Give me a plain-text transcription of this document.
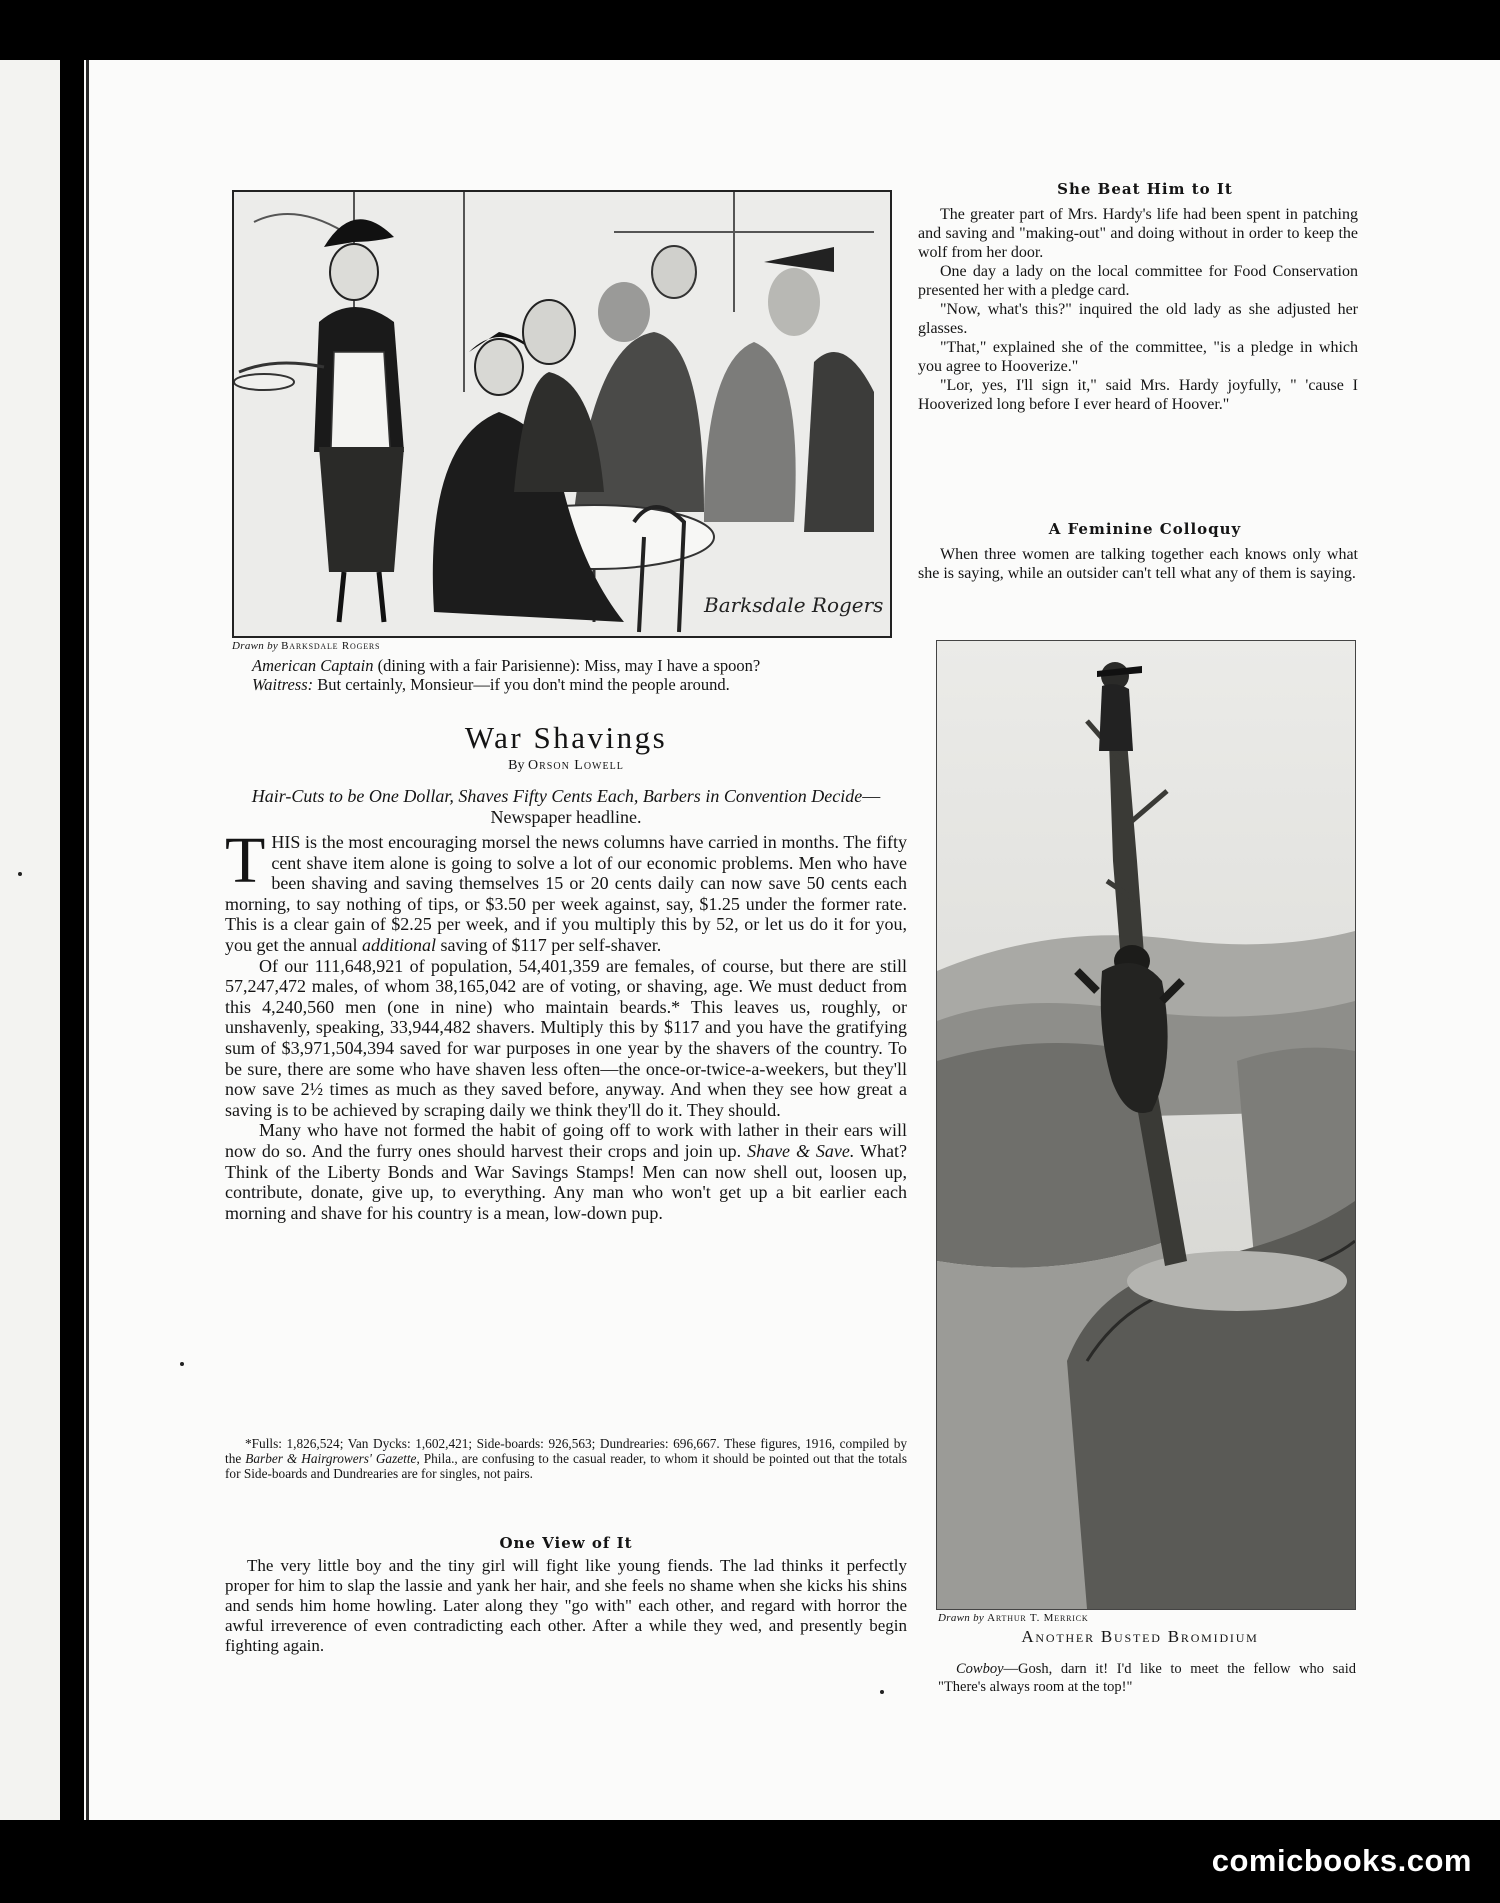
Barksdale Rogers
Drawn by Barksdale Rogers
American Captain (dining with a fair Parisienne): Miss, may I have a spoon?
Waitress: But certainly, Monsieur—if you don't mind the people around.
War Shavings
By Orson Lowell
Hair-Cuts to be One Dollar, Shaves Fifty Cents Each, Barbers in Convention Decide—Newspaper headline.

THIS is the most encouraging morsel the news columns have carried in months. The fifty cent shave item alone is going to solve a lot of our economic problems. Men who have been shaving and saving themselves 15 or 20 cents daily can now save 50 cents each morning, to say nothing of tips, or $3.50 per week against, say, $1.25 under the former rate. This is a clear gain of $2.25 per week, and if you multiply this by 52, or let us do it for you, you get the annual additional saving of $117 per self-shaver.

Of our 111,648,921 of population, 54,401,359 are females, of course, but there are still 57,247,472 males, of whom 38,165,042 are of voting, or shaving, age. We must deduct from this 4,240,560 men (one in nine) who maintain beards.* This leaves us, roughly, or unshavenly, speaking, 33,944,482 shavers. Multiply this by $117 and you have the gratifying sum of $3,971,504,394 saved for war purposes in one year by the shavers of the country. To be sure, there are some who have shaven less often—the once-or-twice-a-weekers, but they'll now save 2½ times as much as they saved before, anyway. And when they see how great a saving is to be achieved by scraping daily we think they'll do it. They should.

Many who have not formed the habit of going off to work with lather in their ears will now do so. And the furry ones should harvest their crops and join up. Shave & Save. What? Think of the Liberty Bonds and War Savings Stamps! Men can now shell out, loosen up, contribute, donate, give up, to everything. Any man who won't get up a bit earlier each morning and shave for his country is a mean, low-down pup.

*Fulls: 1,826,524; Van Dycks: 1,602,421; Side-boards: 926,563; Dundrearies: 696,667. These figures, 1916, compiled by the Barber & Hairgrowers' Gazette, Phila., are confusing to the casual reader, to whom it should be pointed out that the totals for Side-boards and Dundrearies are for singles, not pairs.
One View of It

The very little boy and the tiny girl will fight like young fiends. The lad thinks it perfectly proper for him to slap the lassie and yank her hair, and she feels no shame when she kicks his shins and sends him home howling. Later along they "go with" each other, and regard with horror the awful irreverence of even contradicting each other. After a while they wed, and presently begin fighting again.

She Beat Him to It

The greater part of Mrs. Hardy's life had been spent in patching and saving and "making-out" and doing without in order to keep the wolf from her door.

One day a lady on the local committee for Food Conservation presented her with a pledge card.

"Now, what's this?" inquired the old lady as she adjusted her glasses.

"That," explained she of the committee, "is a pledge in which you agree to Hooverize."

"Lor, yes, I'll sign it," said Mrs. Hardy joyfully, " 'cause I Hooverized long before I ever heard of Hoover."

A Feminine Colloquy

When three women are talking together each knows only what she is saying, while an outsider can't tell what any of them is saying.

Drawn by Arthur T. Merrick
Another Busted Bromidium

Cowboy—Gosh, darn it! I'd like to meet the fellow who said "There's always room at the top!"

comicbooks.com
